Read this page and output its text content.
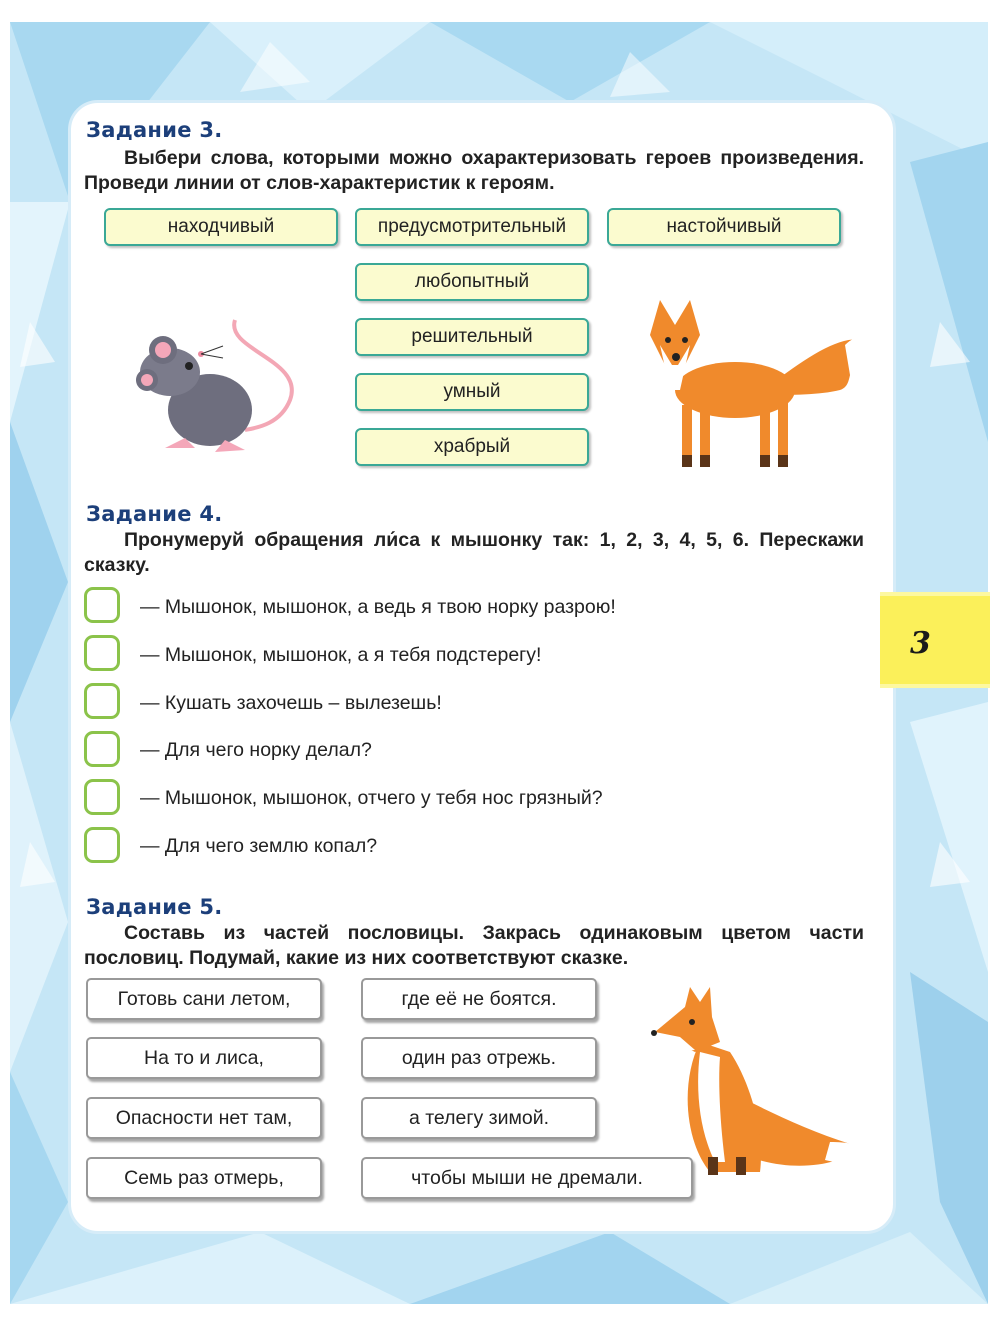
3
Задание 3.
Выбери слова, которыми можно охарактеризовать героев произведения. Проведи линии от слов-характеристик к героям.
находчивый	предусмотрительный	настойчивый
любопытный
решительный
умный
храбрый
Задание 4.
Пронумеруй обращения ли́са к мышонку так: 1, 2, 3, 4, 5, 6. Перескажи сказку.
— Мышонок, мышонок, а ведь я твою норку разрою!
— Мышонок, мышонок, а я тебя подстерегу!
— Кушать захочешь – вылезешь!
— Для чего норку делал?
— Мышонок, мышонок, отчего у тебя нос грязный?
— Для чего землю копал?
Задание 5.
Составь из частей пословицы. Закрась одинаковым цветом части пословиц. Подумай, какие из них соответствуют сказке.
Готовь сани летом,
На то и лиса,
Опасности нет там,
Семь раз отмерь,
где её не боятся.
один раз отрежь.
а телегу зимой.
чтобы мыши не дремали.
